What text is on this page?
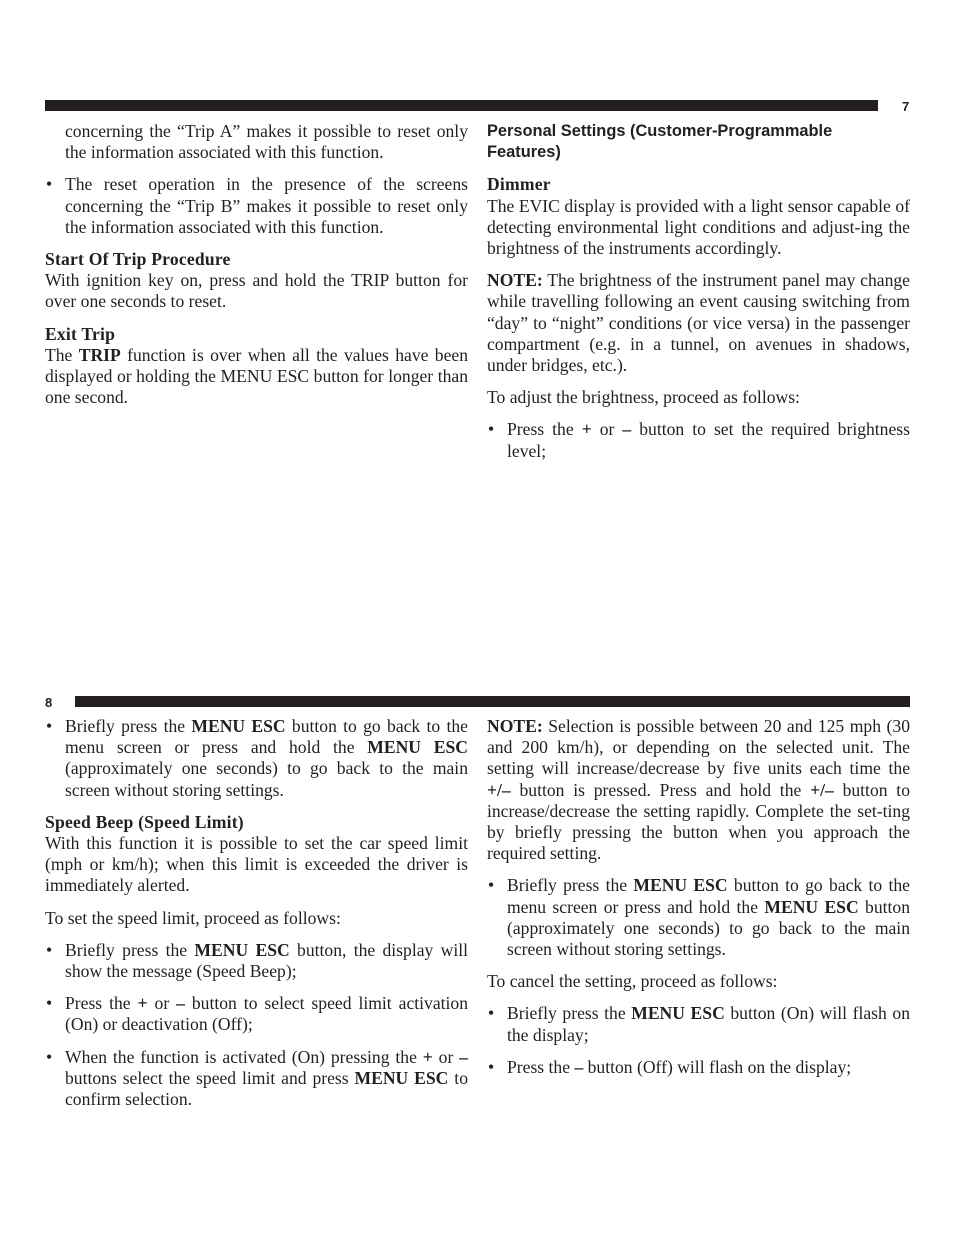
7

concerning the “Trip A” makes it possible to reset only the information associated with this function.

• The reset operation in the presence of the screens concerning the “Trip B” makes it possible to reset only the information associated with this function.
Start Of Trip Procedure

With ignition key on, press and hold the TRIP button for over one seconds to reset.

Exit Trip

The TRIP function is over when all the values have been displayed or holding the MENU ESC button for longer than one second.

Personal Settings (Customer-Programmable Features)
Dimmer

The EVIC display is provided with a light sensor capable of detecting environmental light conditions and adjust-ing the brightness of the instruments accordingly.

NOTE: The brightness of the instrument panel may change while travelling following an event causing switching from “day” to “night” conditions (or vice versa) in the passenger compartment (e.g. in a tunnel, on avenues in shadows, under bridges, etc.).

To adjust the brightness, proceed as follows:

• Press the + or – button to set the required brightness level;
8
• Briefly press the MENU ESC button to go back to the menu screen or press and hold the MENU ESC (approximately one seconds) to go back to the main screen without storing settings.
Speed Beep (Speed Limit)

With this function it is possible to set the car speed limit (mph or km/h); when this limit is exceeded the driver is immediately alerted.

To set the speed limit, proceed as follows:

• Briefly press the MENU ESC button, the display will show the message (Speed Beep);
• Press the + or – button to select speed limit activation (On) or deactivation (Off);
• When the function is activated (On) pressing the + or – buttons select the speed limit and press MENU ESC to confirm selection.

NOTE: Selection is possible between 20 and 125 mph (30 and 200 km/h), or depending on the selected unit. The setting will increase/decrease by five units each time the +/– button is pressed. Press and hold the +/– button to increase/decrease the setting rapidly. Complete the set-ting by briefly pressing the button when you approach the required setting.

• Briefly press the MENU ESC button to go back to the menu screen or press and hold the MENU ESC button (approximately one seconds) to go back to the main screen without storing settings.

To cancel the setting, proceed as follows:

• Briefly press the MENU ESC button (On) will flash on the display;
• Press the – button (Off) will flash on the display;
